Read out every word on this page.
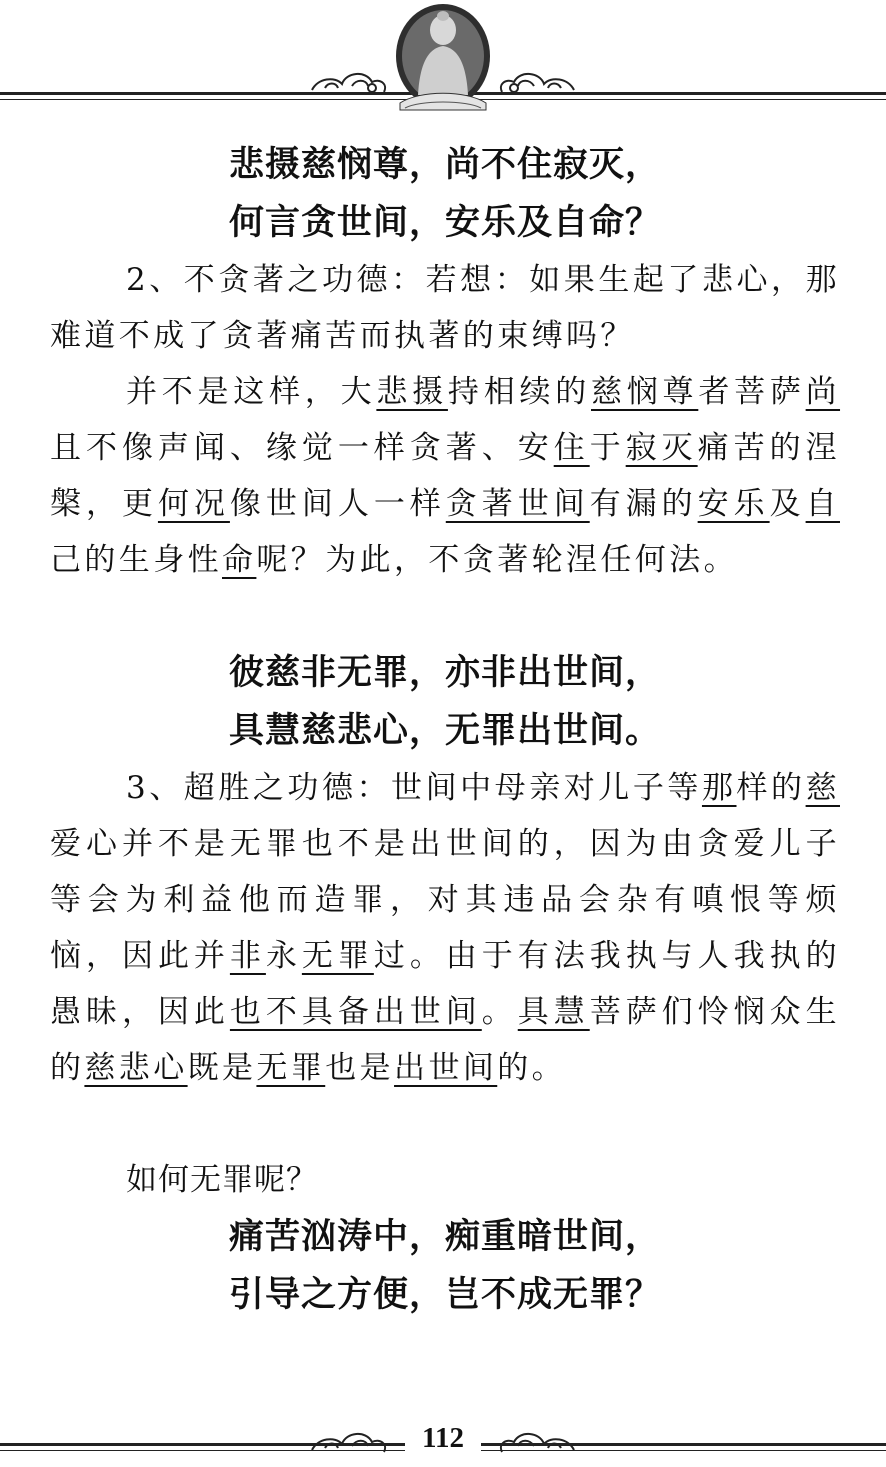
悲摄慈悯尊，尚不住寂灭，

何言贪世间，安乐及自命？

2、不贪著之功德：若想：如果生起了悲心，那难道不成了贪著痛苦而执著的束缚吗？

并不是这样，大悲摄持相续的慈悯尊者菩萨尚且不像声闻、缘觉一样贪著、安住于寂灭痛苦的涅槃，更何况像世间人一样贪著世间有漏的安乐及自己的生身性命呢？为此，不贪著轮涅任何法。

彼慈非无罪，亦非出世间，

具慧慈悲心，无罪出世间。

3、超胜之功德：世间中母亲对儿子等那样的慈爱心并不是无罪也不是出世间的，因为由贪爱儿子等会为利益他而造罪，对其违品会杂有嗔恨等烦恼，因此并非永无罪过。由于有法我执与人我执的愚昧，因此也不具备出世间。具慧菩萨们怜悯众生的慈悲心既是无罪也是出世间的。

如何无罪呢？

痛苦汹涛中，痴重暗世间，

引导之方便，岂不成无罪？

112
